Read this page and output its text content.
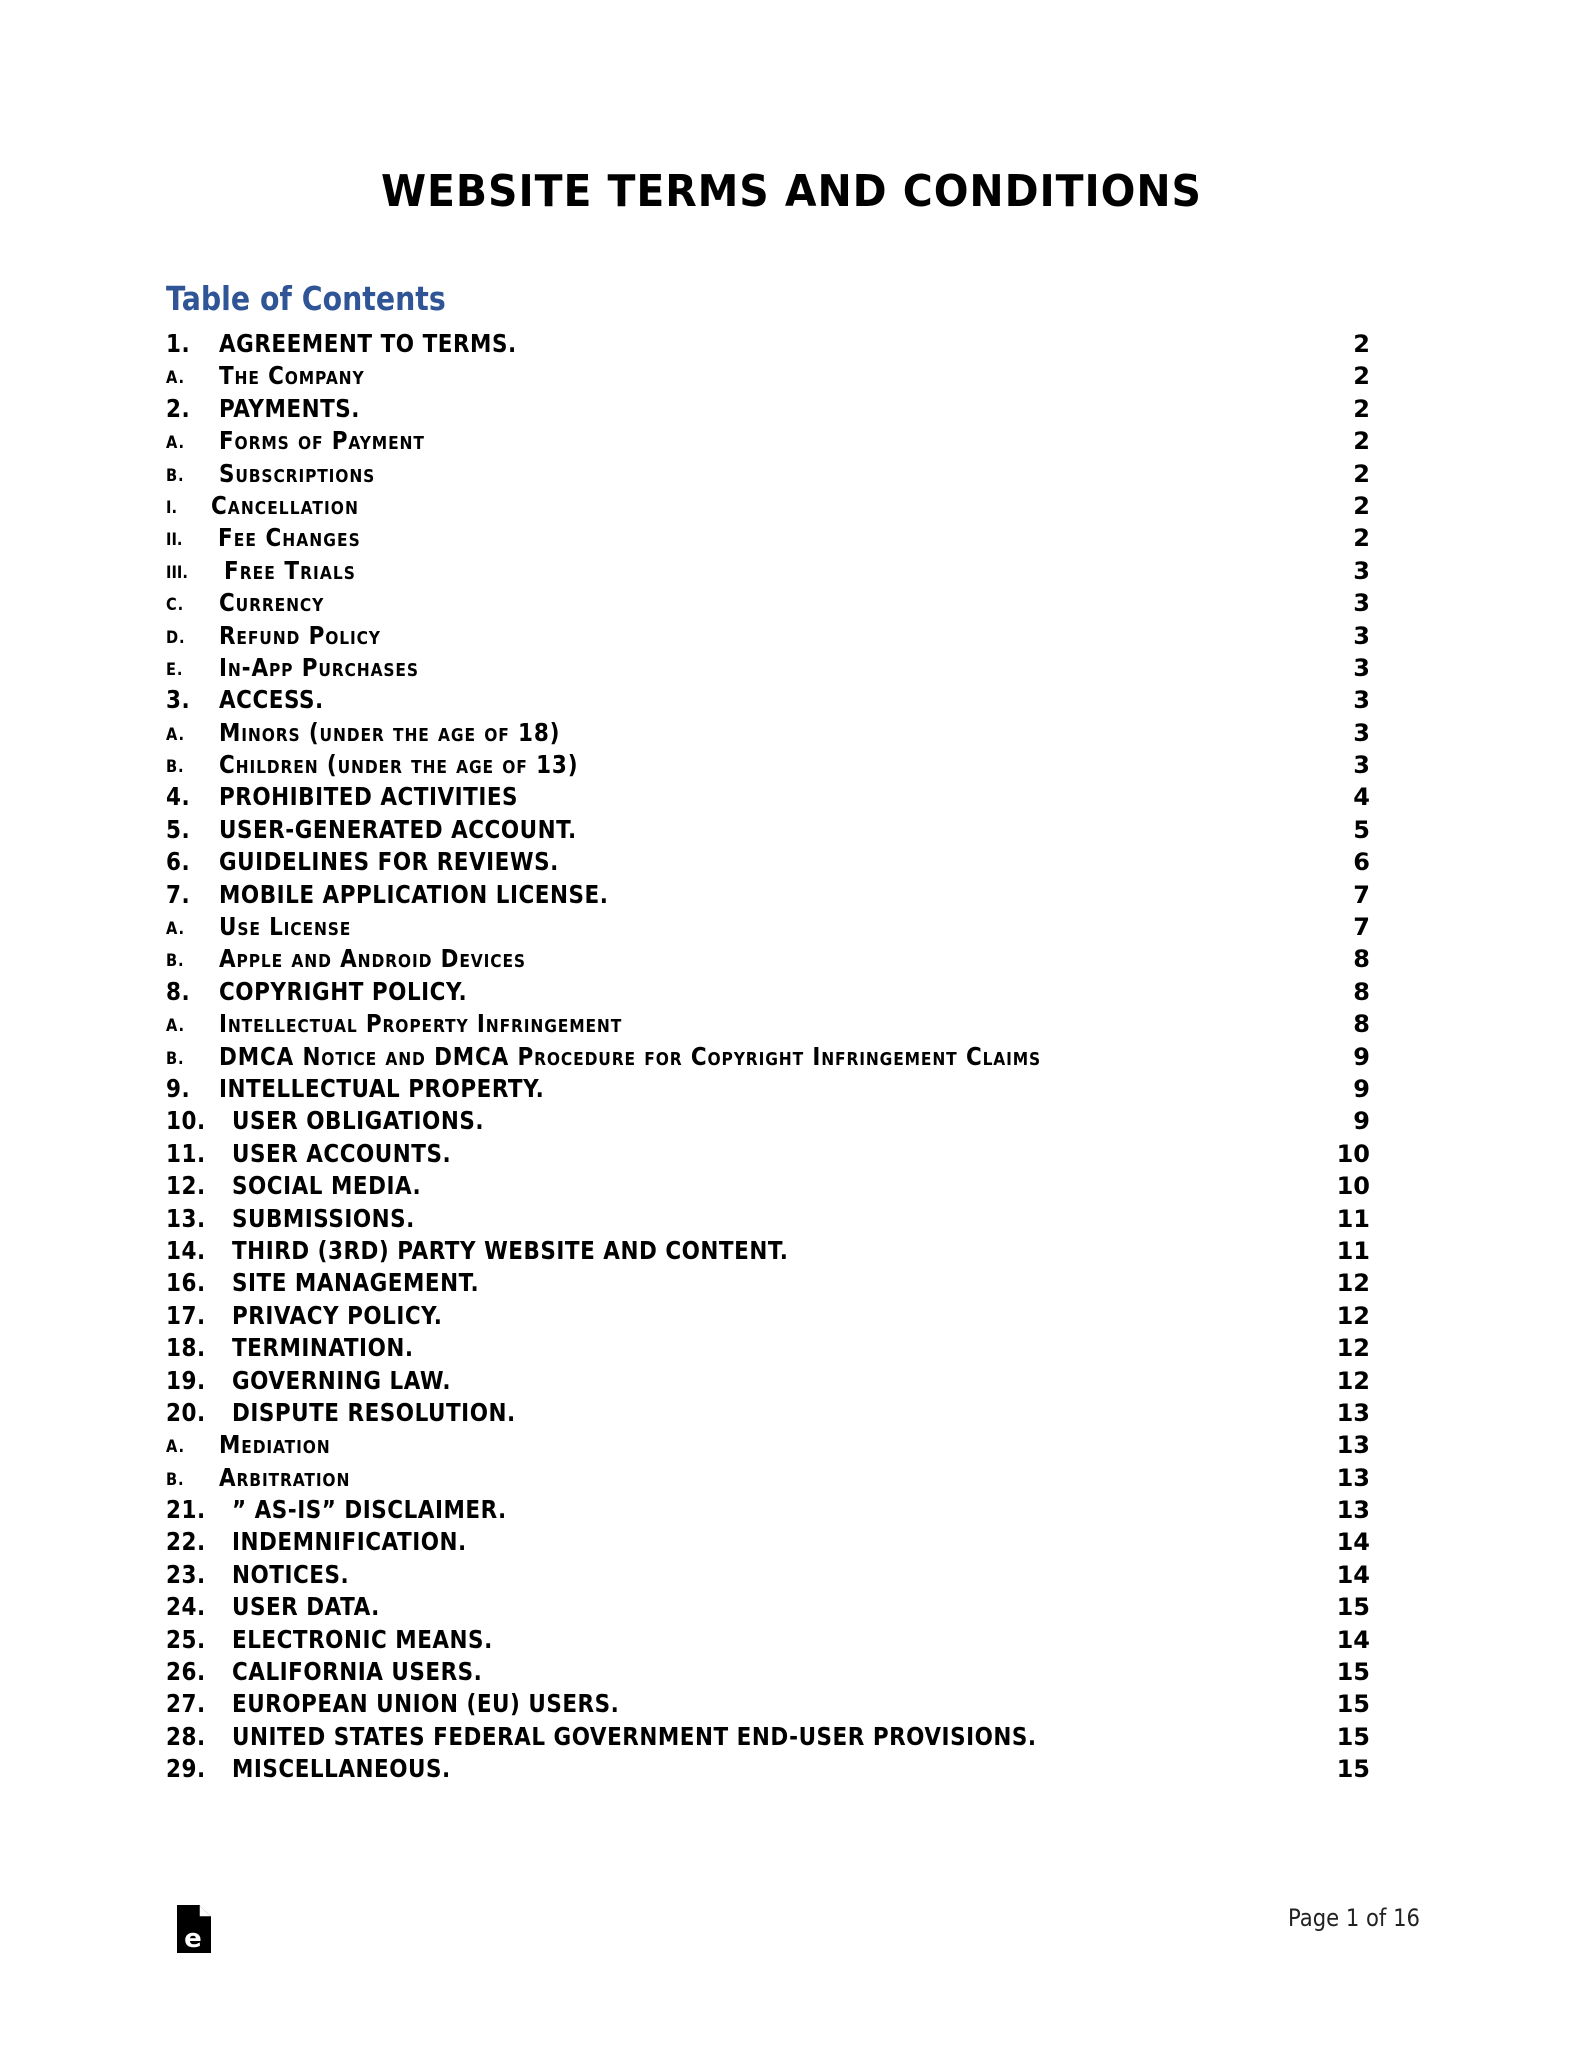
WEBSITE TERMS AND CONDITIONS
Table of Contents
1. AGREEMENT TO TERMS.	2
A. The Company	2
2. PAYMENTS.	2
A. Forms of Payment	2
B. Subscriptions	2
I. Cancellation	2
II. Fee Changes	2
III. Free Trials	3
C. Currency	3
D. Refund Policy	3
E. In-App Purchases	3
3. ACCESS.	3
A. Minors (under the age of 18)	3
B. Children (under the age of 13)	3
4. PROHIBITED ACTIVITIES	4
5. USER-GENERATED ACCOUNT.	5
6. GUIDELINES FOR REVIEWS.	6
7. MOBILE APPLICATION LICENSE.	7
A. Use License	7
B. Apple and Android Devices	8
8. COPYRIGHT POLICY.	8
A. Intellectual Property Infringement	8
B. DMCA Notice and DMCA Procedure for Copyright Infringement Claims	9
9. INTELLECTUAL PROPERTY.	9
10. USER OBLIGATIONS.	9
11. USER ACCOUNTS.	10
12. SOCIAL MEDIA.	10
13. SUBMISSIONS.	11
14. THIRD (3RD) PARTY WEBSITE AND CONTENT.	11
16. SITE MANAGEMENT.	12
17. PRIVACY POLICY.	12
18. TERMINATION.	12
19. GOVERNING LAW.	12
20. DISPUTE RESOLUTION.	13
A. Mediation	13
B. Arbitration	13
21. ” AS-IS” DISCLAIMER.	13
22. INDEMNIFICATION.	14
23. NOTICES.	14
24. USER DATA.	15
25. ELECTRONIC MEANS.	14
26. CALIFORNIA USERS.	15
27. EUROPEAN UNION (EU) USERS.	15
28. UNITED STATES FEDERAL GOVERNMENT END-USER PROVISIONS.	15
29. MISCELLANEOUS.	15
e
Page 1 of 16
